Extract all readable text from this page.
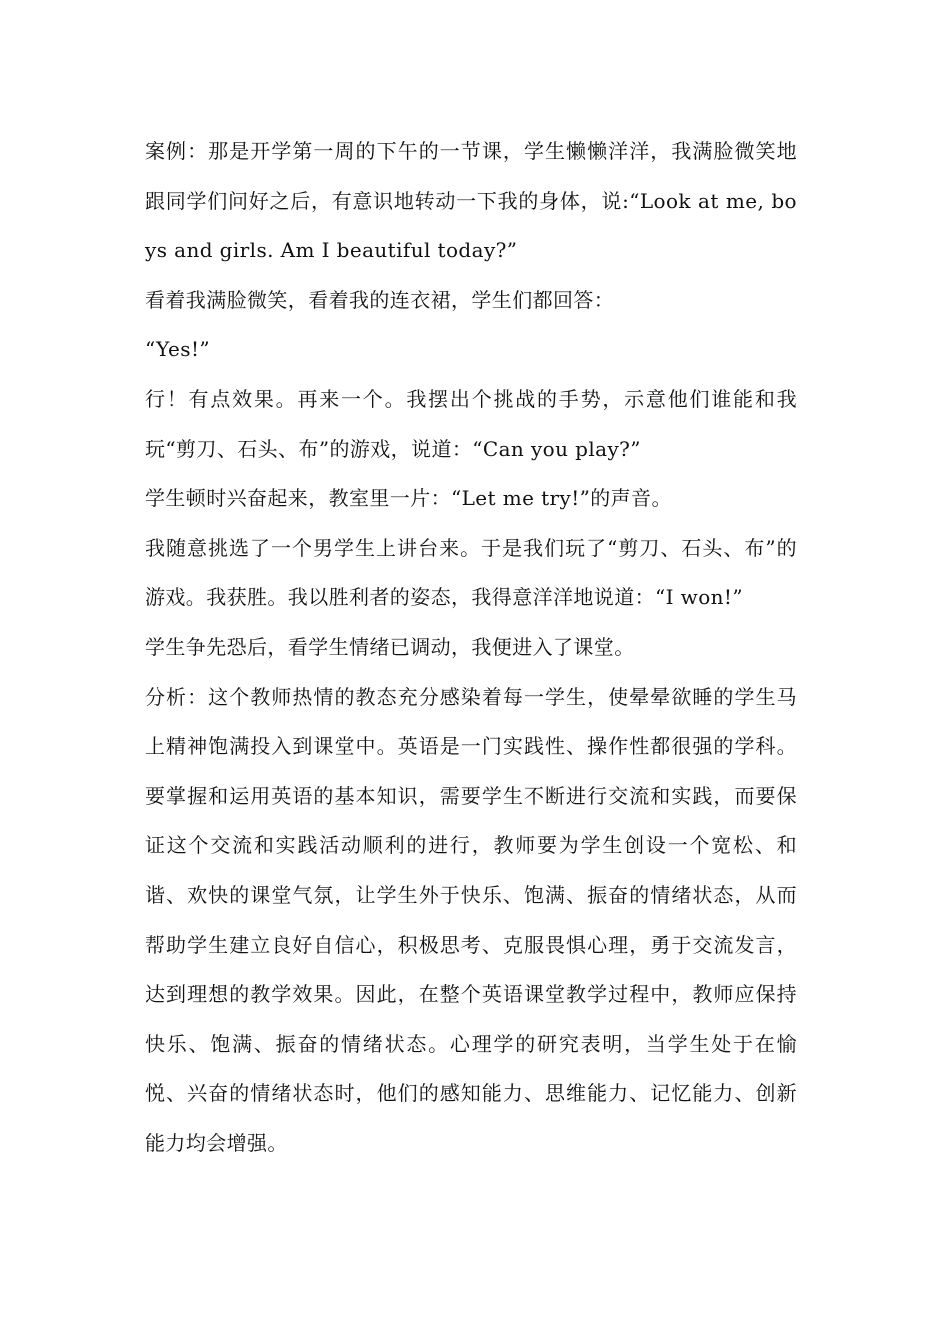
案例：那是开学第一周的下午的一节课，学生懒懒洋洋，我满脸微笑地跟同学们问好之后，有意识地转动一下我的身体，说:“Look at me, boys and girls. Am I beautiful today?”

看着我满脸微笑，看着我的连衣裙，学生们都回答：

“Yes!”

行！有点效果。再来一个。我摆出个挑战的手势，示意他们谁能和我玩“剪刀、石头、布”的游戏，说道：“Can you play?”

学生顿时兴奋起来，教室里一片：“Let me try!”的声音。

我随意挑选了一个男学生上讲台来。于是我们玩了“剪刀、石头、布”的游戏。我获胜。我以胜利者的姿态，我得意洋洋地说道：“I won!”

学生争先恐后，看学生情绪已调动，我便进入了课堂。

分析：这个教师热情的教态充分感染着每一学生，使晕晕欲睡的学生马上精神饱满投入到课堂中。英语是一门实践性、操作性都很强的学科。要掌握和运用英语的基本知识，需要学生不断进行交流和实践，而要保证这个交流和实践活动顺利的进行，教师要为学生创设一个宽松、和谐、欢快的课堂气氛，让学生外于快乐、饱满、振奋的情绪状态，从而帮助学生建立良好自信心，积极思考、克服畏惧心理，勇于交流发言，达到理想的教学效果。因此，在整个英语课堂教学过程中，教师应保持快乐、饱满、振奋的情绪状态。心理学的研究表明，当学生处于在愉悦、兴奋的情绪状态时，他们的感知能力、思维能力、记忆能力、创新能力均会增强。
